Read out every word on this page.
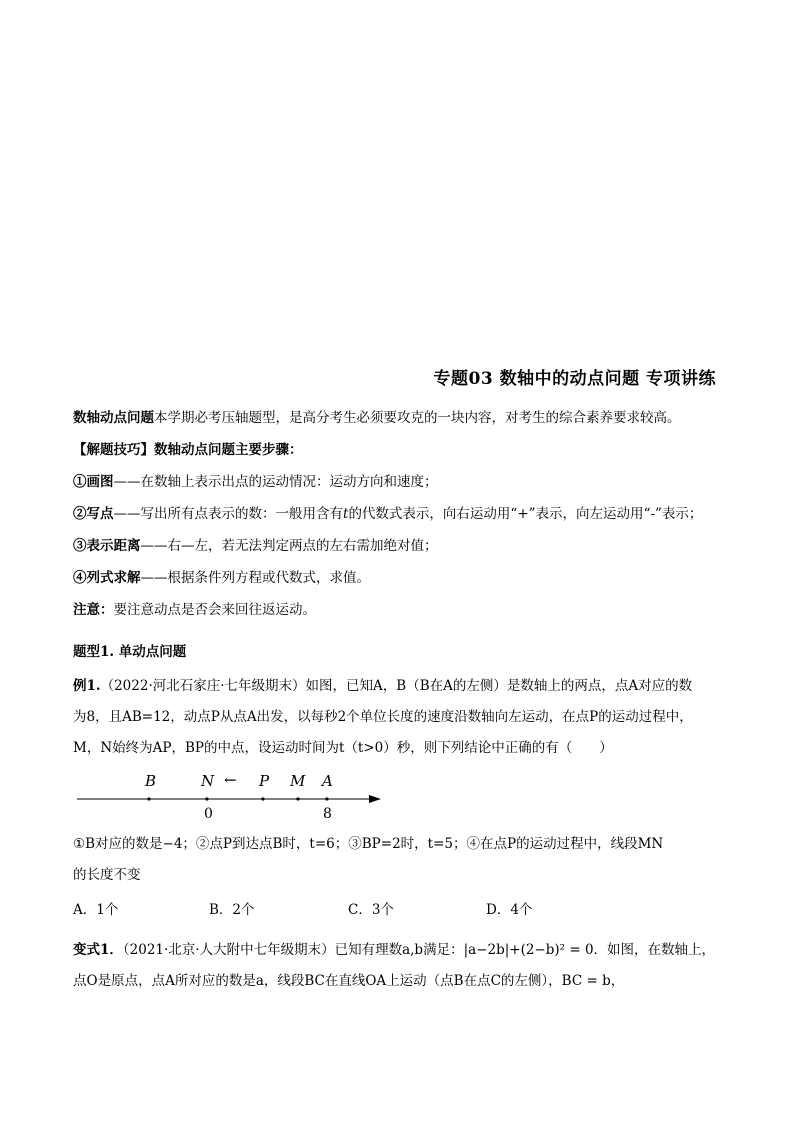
专题03 数轴中的动点问题 专项讲练
数轴动点问题本学期必考压轴题型，是高分考生必须要攻克的一块内容，对考生的综合素养要求较高。
【解题技巧】数轴动点问题主要步骤：
①画图——在数轴上表示出点的运动情况：运动方向和速度；
②写点——写出所有点表示的数：一般用含有t的代数式表示，向右运动用“+”表示，向左运动用“-”表示；
③表示距离——右—左，若无法判定两点的左右需加绝对值；
④列式求解——根据条件列方程或代数式，求值。
注意：要注意动点是否会来回往返运动。
题型1. 单动点问题
例1.（2022·河北石家庄·七年级期末）如图，已知A，B（B在A的左侧）是数轴上的两点，点A对应的数
为8，且AB=12，动点P从点A出发，以每秒2个单位长度的速度沿数轴向左运动，在点P的运动过程中，
M，N始终为AP，BP的中点，设运动时间为t（t>0）秒，则下列结论中正确的有（　　）
B	N ← P M A
0	8
①B对应的数是−4；②点P到达点B时，t=6；③BP=2时，t=5；④在点P的运动过程中，线段MN
的长度不变
A．1个	B．2个	C．3个	D．4个
变式1．（2021·北京·人大附中七年级期末）已知有理数a,b满足：|a−2b|+(2−b)² = 0．如图，在数轴上，
点O是原点，点A所对应的数是a，线段BC在直线OA上运动（点B在点C的左侧），BC = b，
